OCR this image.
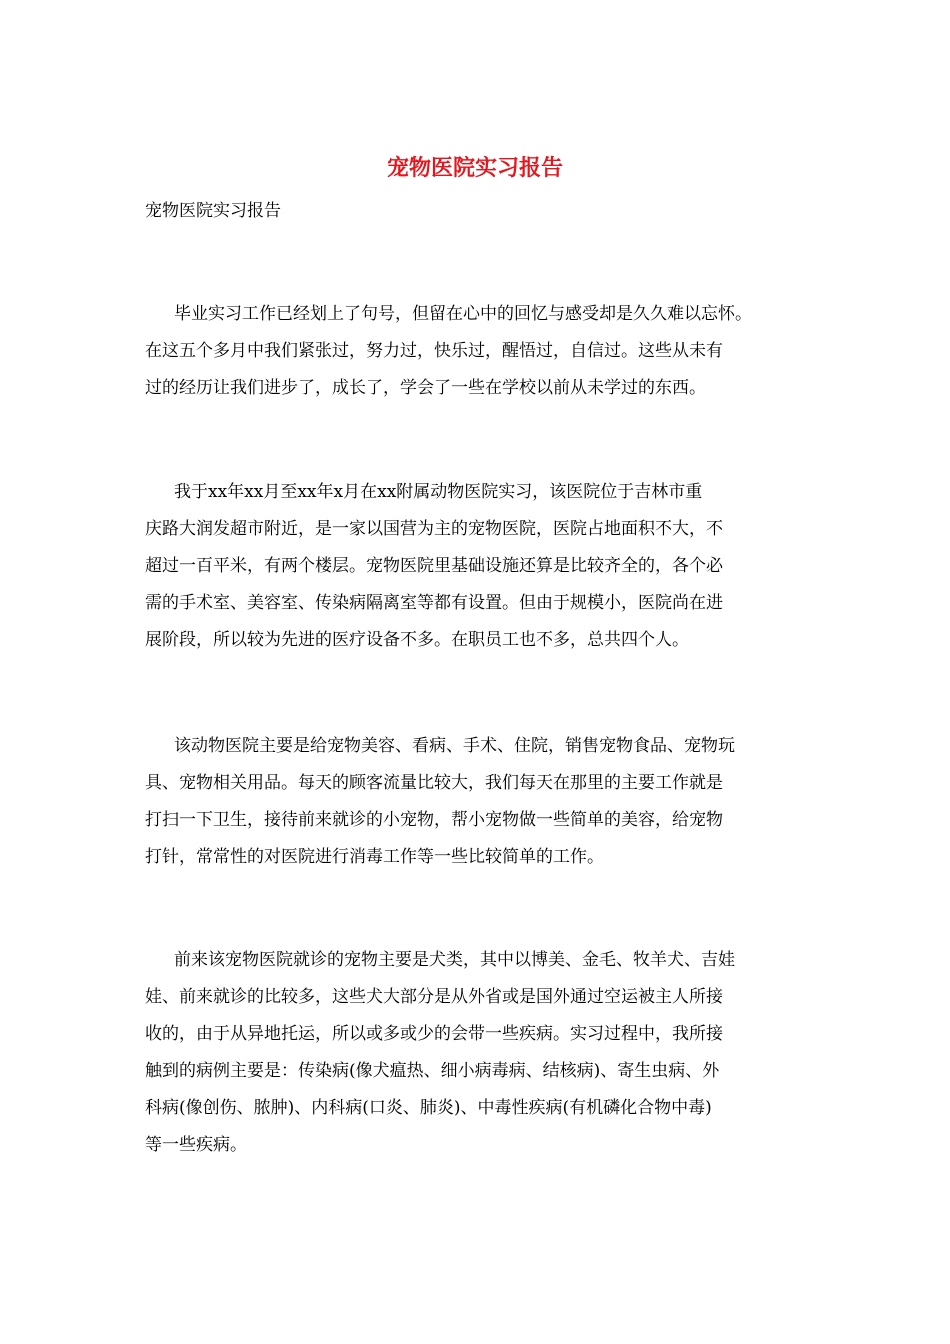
宠物医院实习报告
宠物医院实习报告

毕业实习工作已经划上了句号，但留在心中的回忆与感受却是久久难以忘怀。
在这五个多月中我们紧张过，努力过，快乐过，醒悟过，自信过。这些从未有
过的经历让我们进步了，成长了，学会了一些在学校以前从未学过的东西。

我于xx年xx月至xx年x月在xx附属动物医院实习，该医院位于吉林市重
庆路大润发超市附近，是一家以国营为主的宠物医院，医院占地面积不大，不
超过一百平米，有两个楼层。宠物医院里基础设施还算是比较齐全的，各个必
需的手术室、美容室、传染病隔离室等都有设置。但由于规模小，医院尚在进
展阶段，所以较为先进的医疗设备不多。在职员工也不多，总共四个人。

该动物医院主要是给宠物美容、看病、手术、住院，销售宠物食品、宠物玩
具、宠物相关用品。每天的顾客流量比较大，我们每天在那里的主要工作就是
打扫一下卫生，接待前来就诊的小宠物，帮小宠物做一些简单的美容，给宠物
打针，常常性的对医院进行消毒工作等一些比较简单的工作。

前来该宠物医院就诊的宠物主要是犬类，其中以博美、金毛、牧羊犬、吉娃
娃、前来就诊的比较多，这些犬大部分是从外省或是国外通过空运被主人所接
收的，由于从异地托运，所以或多或少的会带一些疾病。实习过程中，我所接
触到的病例主要是：传染病(像犬瘟热、细小病毒病、结核病)、寄生虫病、外
科病(像创伤、脓肿)、内科病(口炎、肺炎)、中毒性疾病(有机磷化合物中毒)
等一些疾病。
